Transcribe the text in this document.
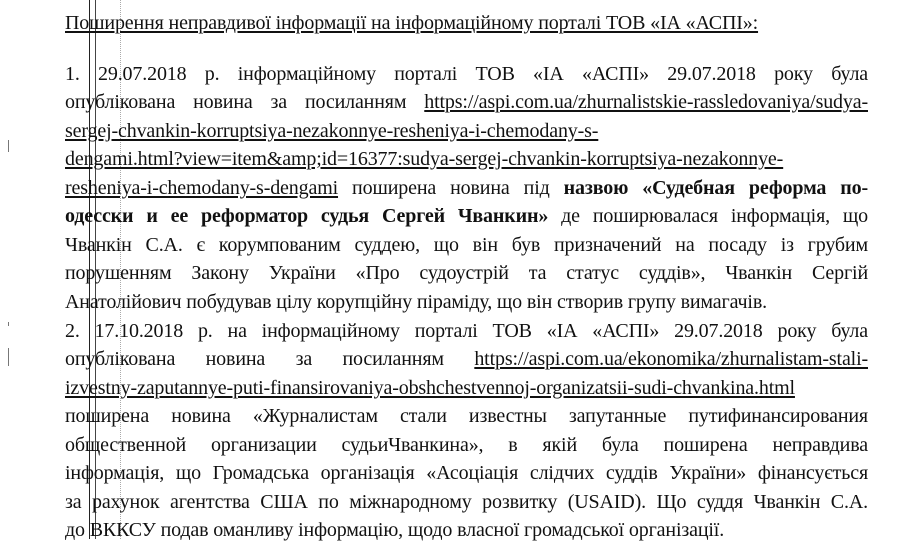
Поширення неправдивої інформації на інформаційному порталі ТОВ «ІА «АСПІ»:
1. 29.07.2018 р. інформаційному порталі ТОВ «ІА «АСПІ» 29.07.2018 року була
опублікована новина за посиланням https://aspi.com.ua/zhurnalistskie-rassledovaniya/sudya-
sergej-chvankin-korruptsiya-nezakonnye-resheniya-i-chemodany-s-
dengami.html?view=item&amp;id=16377:sudya-sergej-chvankin-korruptsiya-nezakonnye-
resheniya-i-chemodany-s-dengami поширена новина під назвою «Судебная реформа по-
одесски и ее реформатор судья Сергей Чванкин» де поширювалася інформація, що
Чванкін С.А. є корумпованим суддею, що він був призначений на посаду із грубим
порушенням Закону України «Про судоустрій та статус суддів», Чванкін Сергій
Анатолійович побудував цілу корупційну піраміду, що він створив групу вимагачів.
2. 17.10.2018 р. на інформаційному порталі ТОВ «ІА «АСПІ» 29.07.2018 року була
опублікована новина за посиланням https://aspi.com.ua/ekonomika/zhurnalistam-stali-
izvestny-zaputannye-puti-finansirovaniya-obshchestvennoj-organizatsii-sudi-chvankina.html
поширена новина «Журналистам стали известны запутанные путифинансирования
общественной организации судьиЧванкина», в якій була поширена неправдива
інформація, що Громадська організація «Асоціація слідчих суддів України» фінансується
за рахунок агентства США по міжнародному розвитку (USAID). Що суддя Чванкін С.А.
до ВККСУ подав оманливу інформацію, щодо власної громадської організації.
